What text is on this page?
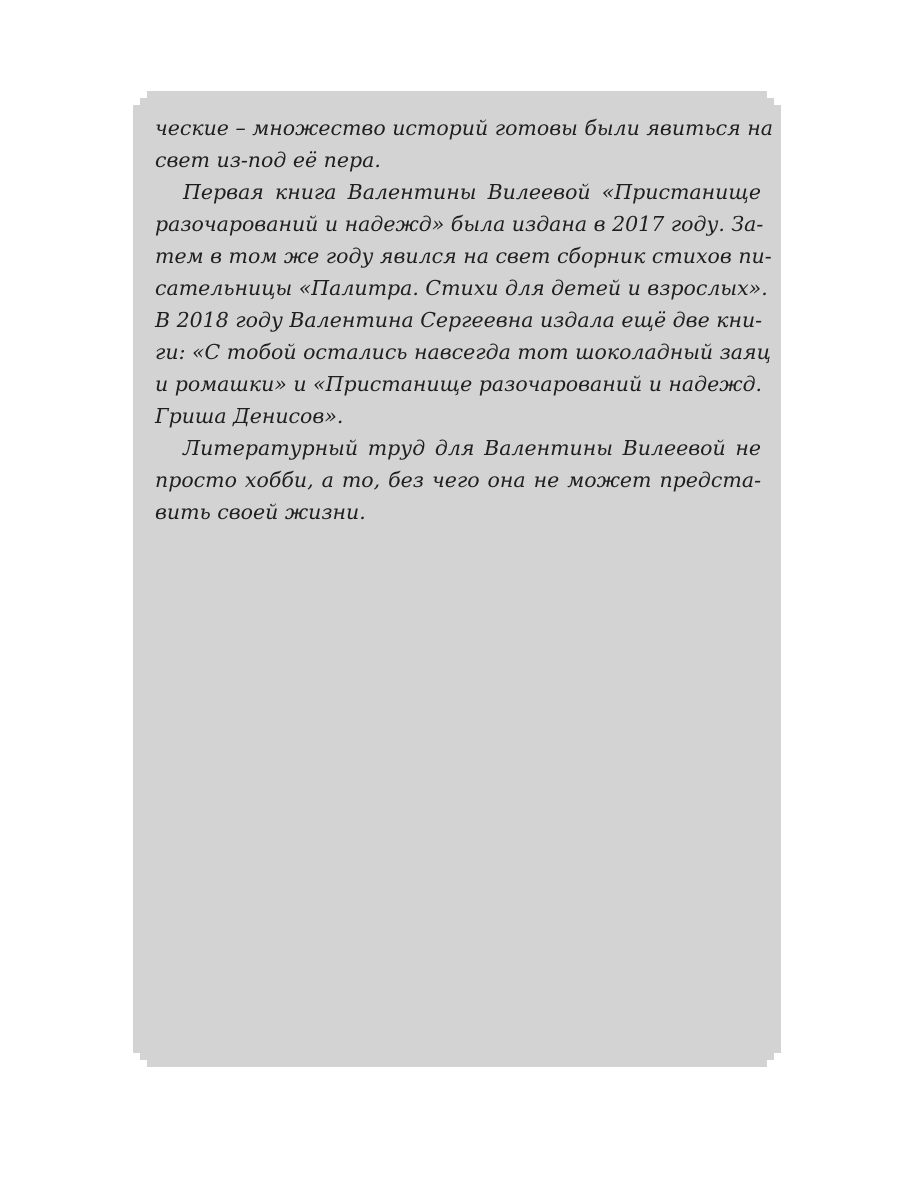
ческие – множество историй готовы были явиться на
свет из-под её пера.
Первая книга Валентины Вилеевой «Пристанище
разочарований и надежд» была издана в 2017 году. За-
тем в том же году явился на свет сборник стихов пи-
сательницы «Палитра. Стихи для детей и взрослых».
В 2018 году Валентина Сергеевна издала ещё две кни-
ги: «С тобой остались навсегда тот шоколадный заяц
и ромашки» и «Пристанище разочарований и надежд.
Гриша Денисов».
Литературный труд для Валентины Вилеевой не
просто хобби, а то, без чего она не может предста-
вить своей жизни.
